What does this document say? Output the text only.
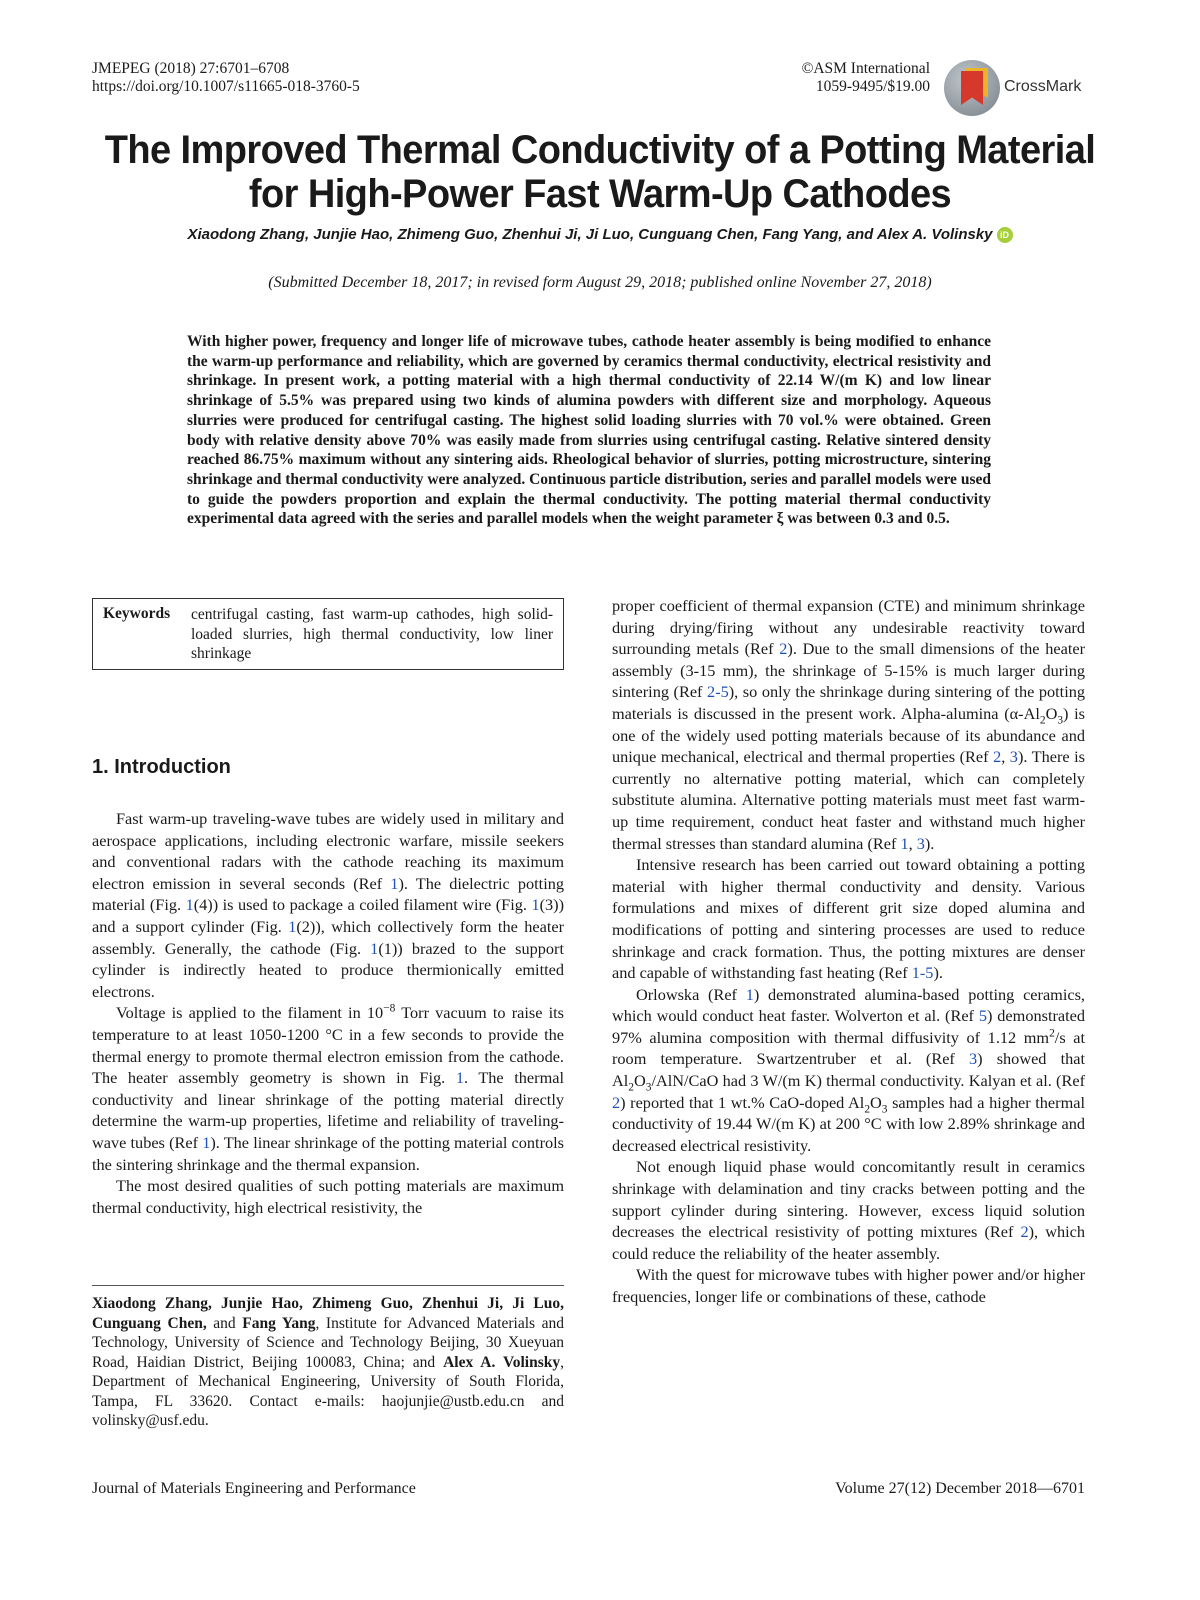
JMEPEG (2018) 27:6701–6708
https://doi.org/10.1007/s11665-018-3760-5
©ASM International
1059-9495/$19.00	CrossMark
The Improved Thermal Conductivity of a Potting Material
for High-Power Fast Warm-Up Cathodes
Xiaodong Zhang, Junjie Hao, Zhimeng Guo, Zhenhui Ji, Ji Luo, Cunguang Chen, Fang Yang, and Alex A. Volinsky iD
(Submitted December 18, 2017; in revised form August 29, 2018; published online November 27, 2018)
With higher power, frequency and longer life of microwave tubes, cathode heater assembly is being modified to enhance the warm-up performance and reliability, which are governed by ceramics thermal conductivity, electrical resistivity and shrinkage. In present work, a potting material with a high thermal conductivity of 22.14 W/(m K) and low linear shrinkage of 5.5% was prepared using two kinds of alumina powders with different size and morphology. Aqueous slurries were produced for centrifugal casting. The highest solid loading slurries with 70 vol.% were obtained. Green body with relative density above 70% was easily made from slurries using centrifugal casting. Relative sintered density reached 86.75% maximum without any sintering aids. Rheological behavior of slurries, potting microstructure, sintering shrinkage and thermal conductivity were analyzed. Continuous particle distribution, series and parallel models were used to guide the powders proportion and explain the thermal conductivity. The potting material thermal conductivity experimental data agreed with the series and parallel models when the weight parameter ξ was between 0.3 and 0.5.
Keywords centrifugal casting, fast warm-up cathodes, high solid-loaded slurries, high thermal conductivity, low liner shrinkage
1. Introduction

Fast warm-up traveling-wave tubes are widely used in military and aerospace applications, including electronic warfare, missile seekers and conventional radars with the cathode reaching its maximum electron emission in several seconds (Ref 1). The dielectric potting material (Fig. 1(4)) is used to package a coiled filament wire (Fig. 1(3)) and a support cylinder (Fig. 1(2)), which collectively form the heater assembly. Generally, the cathode (Fig. 1(1)) brazed to the support cylinder is indirectly heated to produce thermionically emitted electrons.

Voltage is applied to the filament in $10^{-8}$ Torr vacuum to raise its temperature to at least 1050-1200 °C in a few seconds to provide the thermal energy to promote thermal electron emission from the cathode. The heater assembly geometry is shown in Fig. 1. The thermal conductivity and linear shrinkage of the potting material directly determine the warm-up properties, lifetime and reliability of traveling-wave tubes (Ref 1). The linear shrinkage of the potting material controls the sintering shrinkage and the thermal expansion.

The most desired qualities of such potting materials are maximum thermal conductivity, high electrical resistivity, the

Xiaodong Zhang, Junjie Hao, Zhimeng Guo, Zhenhui Ji, Ji Luo, Cunguang Chen, and Fang Yang, Institute for Advanced Materials and Technology, University of Science and Technology Beijing, 30 Xueyuan Road, Haidian District, Beijing 100083, China; and Alex A. Volinsky, Department of Mechanical Engineering, University of South Florida, Tampa, FL 33620. Contact e-mails: haojunjie@ustb.edu.cn and volinsky@usf.edu.

proper coefficient of thermal expansion (CTE) and minimum shrinkage during drying/firing without any undesirable reactivity toward surrounding metals (Ref 2). Due to the small dimensions of the heater assembly (3-15 mm), the shrinkage of 5-15% is much larger during sintering (Ref 2-5), so only the shrinkage during sintering of the potting materials is discussed in the present work. Alpha-alumina $(\alpha-Al_2O_3)$ is one of the widely used potting materials because of its abundance and unique mechanical, electrical and thermal properties (Ref 2, 3). There is currently no alternative potting material, which can completely substitute alumina. Alternative potting materials must meet fast warm-up time requirement, conduct heat faster and withstand much higher thermal stresses than standard alumina (Ref 1, 3).

Intensive research has been carried out toward obtaining a potting material with higher thermal conductivity and density. Various formulations and mixes of different grit size doped alumina and modifications of potting and sintering processes are used to reduce shrinkage and crack formation. Thus, the potting mixtures are denser and capable of withstanding fast heating (Ref 1-5).

Orlowska (Ref 1) demonstrated alumina-based potting ceramics, which would conduct heat faster. Wolverton et al. (Ref 5) demonstrated 97% alumina composition with thermal diffusivity of 1.12 $mm^2/s$ at room temperature. Swartzentruber et al. (Ref 3) showed that $Al_2O_3/AlN$/CaO had 3 W/(m K) thermal conductivity. Kalyan et al. (Ref 2) reported that 1 wt.% CaO-doped $Al_2O_3$ samples had a higher thermal conductivity of 19.44 W/(m K) at 200 °C with low 2.89% shrinkage and decreased electrical resistivity.

Not enough liquid phase would concomitantly result in ceramics shrinkage with delamination and tiny cracks between potting and the support cylinder during sintering. However, excess liquid solution decreases the electrical resistivity of potting mixtures (Ref 2), which could reduce the reliability of the heater assembly.

With the quest for microwave tubes with higher power and/or higher frequencies, longer life or combinations of these, cathode

Journal of Materials Engineering and Performance	Volume 27(12) December 2018—6701
